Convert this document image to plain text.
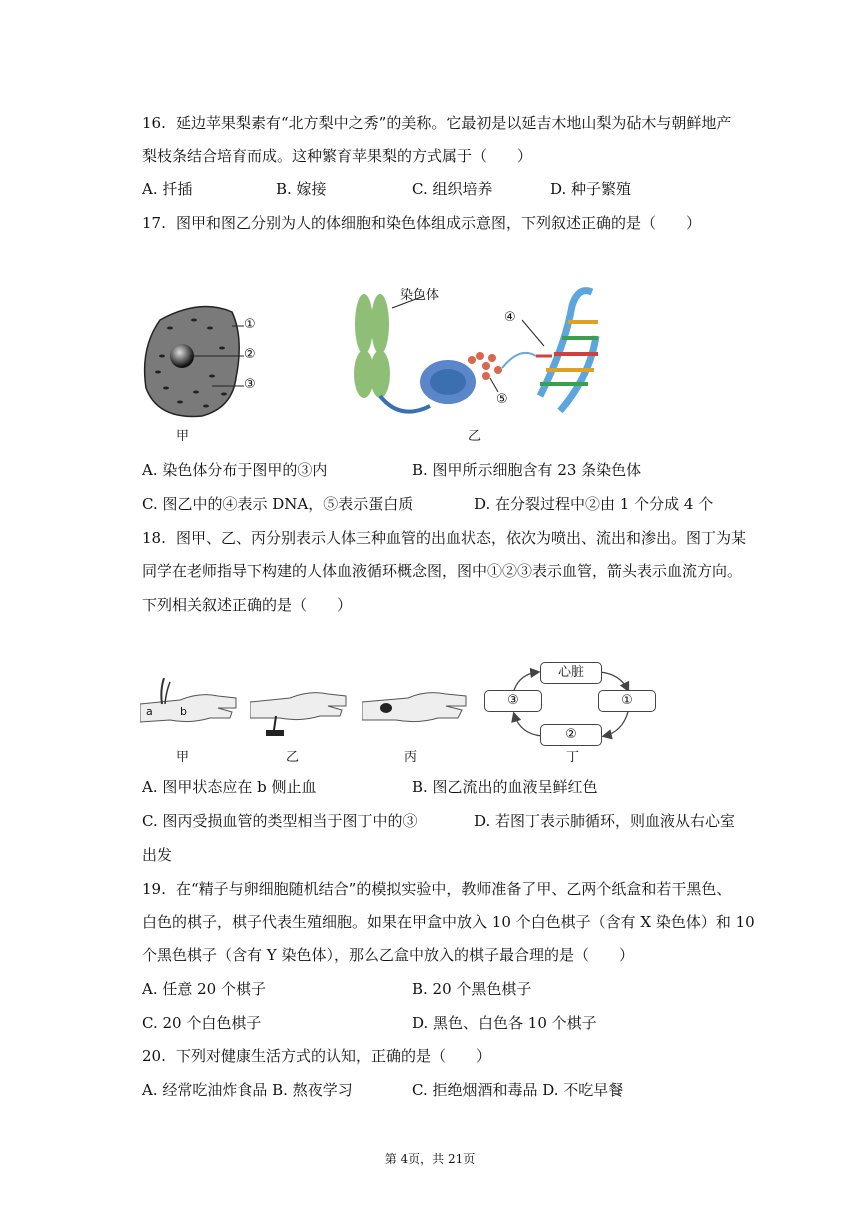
16. 延边苹果梨素有“北方梨中之秀”的美称。它最初是以延吉木地山梨为砧木与朝鲜地产
梨枝条结合培育而成。这种繁育苹果梨的方式属于（　　）
A. 扦插	B. 嫁接	C. 组织培养	D. 种子繁殖
17. 图甲和图乙分别为人的体细胞和染色体组成示意图，下列叙述正确的是（　　）
①
②
③
甲
染色体
④
⑤
乙
A. 染色体分布于图甲的③内	B. 图甲所示细胞含有 23 条染色体
C. 图乙中的④表示 DNA，⑤表示蛋白质	D. 在分裂过程中②由 1 个分成 4 个
18. 图甲、乙、丙分别表示人体三种血管的出血状态，依次为喷出、流出和渗出。图丁为某
同学在老师指导下构建的人体血液循环概念图，图中①②③表示血管，箭头表示血流方向。
下列相关叙述正确的是（　　）
a b
甲	乙	丙
心脏
①
②
③
丁
A. 图甲状态应在 b 侧止血	B. 图乙流出的血液呈鲜红色
C. 图丙受损血管的类型相当于图丁中的③	D. 若图丁表示肺循环，则血液从右心室
出发
19. 在“精子与卵细胞随机结合”的模拟实验中，教师准备了甲、乙两个纸盒和若干黑色、
白色的棋子，棋子代表生殖细胞。如果在甲盒中放入 10 个白色棋子（含有 X 染色体）和 10
个黑色棋子（含有 Y 染色体），那么乙盒中放入的棋子最合理的是（　　）
A. 任意 20 个棋子	B. 20 个黑色棋子
C. 20 个白色棋子	D. 黑色、白色各 10 个棋子
20. 下列对健康生活方式的认知，正确的是（　　）
A. 经常吃油炸食品 B. 熬夜学习	C. 拒绝烟酒和毒品 D. 不吃早餐
第 4页，共 21页
